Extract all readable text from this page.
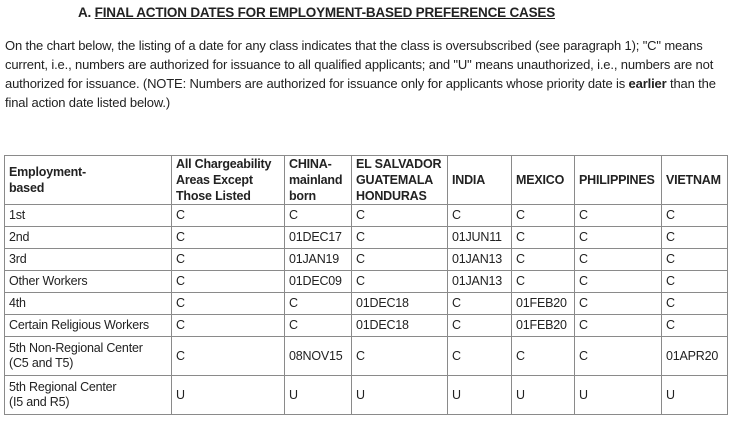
A. FINAL ACTION DATES FOR EMPLOYMENT-BASED PREFERENCE CASES
On the chart below, the listing of a date for any class indicates that the class is oversubscribed (see paragraph 1); "C" means current, i.e., numbers are authorized for issuance to all qualified applicants; and "U" means unauthorized, i.e., numbers are not authorized for issuance. (NOTE: Numbers are authorized for issuance only for applicants whose priority date is earlier than the final action date listed below.)
Employment-
based	All Chargeability
Areas Except
Those Listed	CHINA-
mainland
born	EL SALVADOR
GUATEMALA
HONDURAS	INDIA	MEXICO	PHILIPPINES	VIETNAM

1st	C	C	C	C	C	C	C

2nd	C	01DEC17	C	01JUN11	C	C	C

3rd	C	01JAN19	C	01JAN13	C	C	C

Other Workers	C	01DEC09	C	01JAN13	C	C	C

4th	C	C	01DEC18	C	01FEB20	C	C

Certain Religious Workers	C	C	01DEC18	C	01FEB20	C	C

5th Non-Regional Center
(C5 and T5)	C	08NOV15	C	C	C	C	01APR20

5th Regional Center
(I5 and R5)	U	U	U	U	U	U	U
